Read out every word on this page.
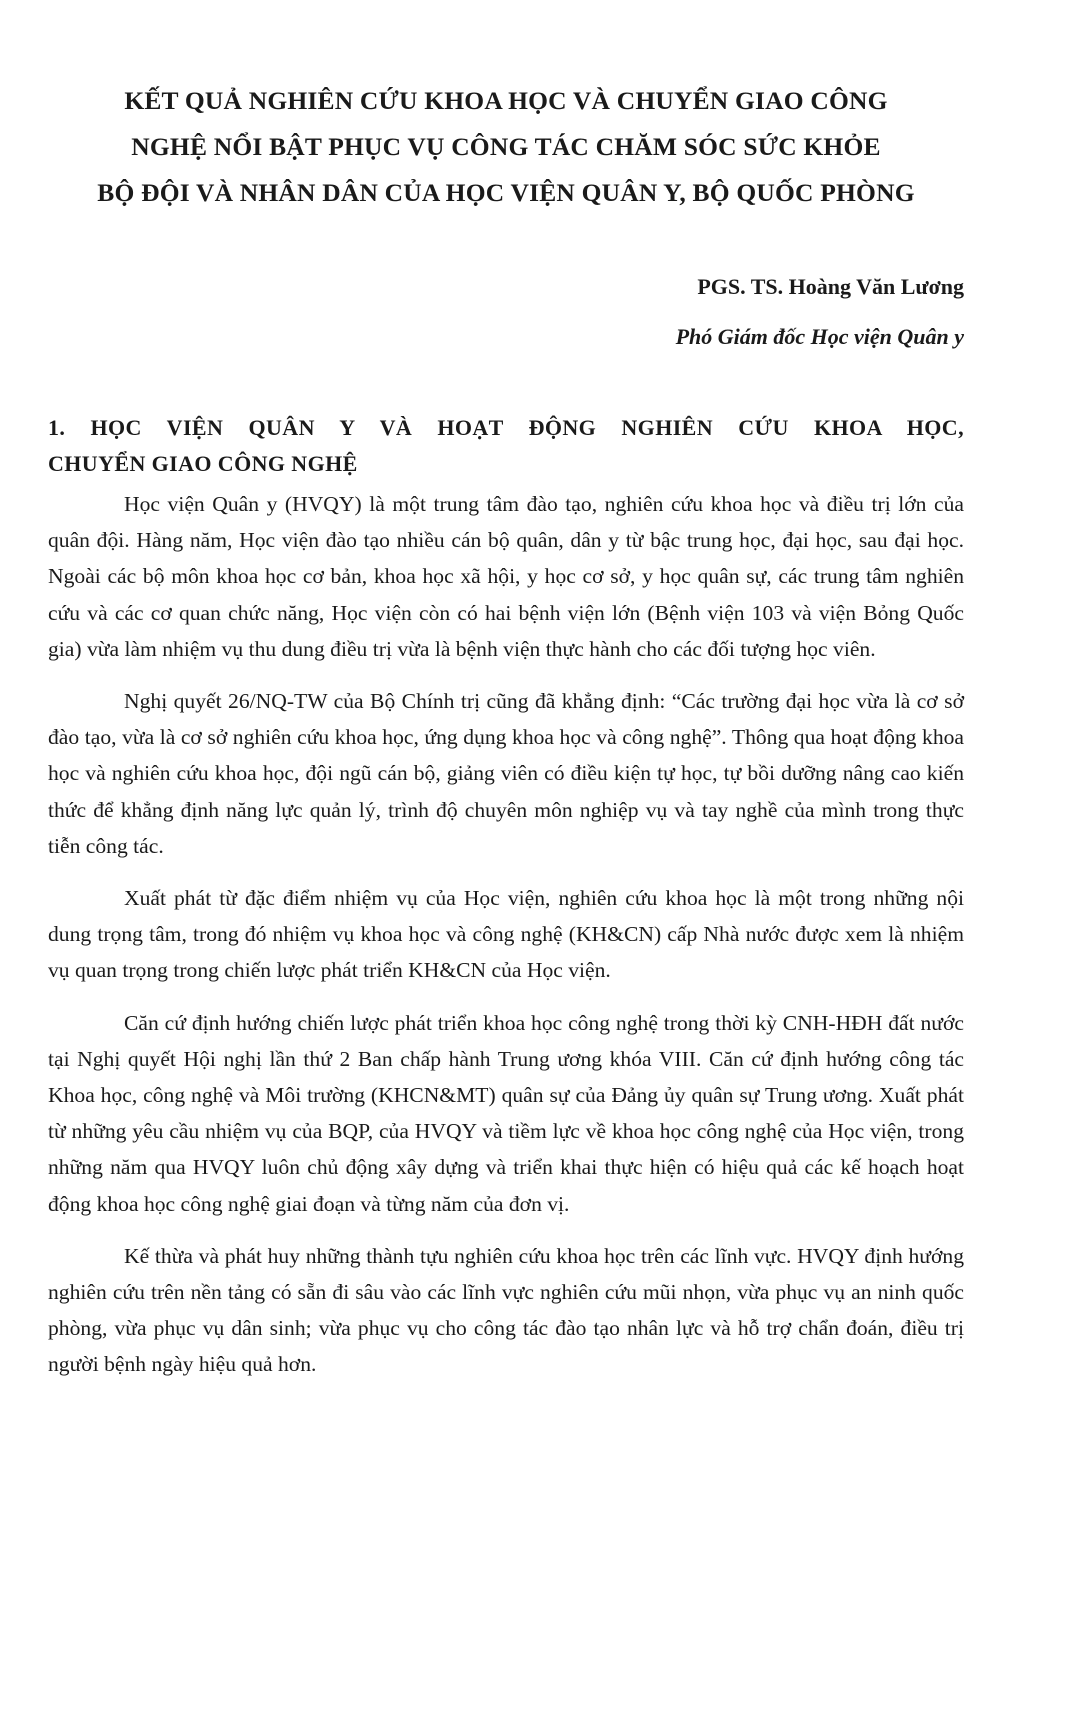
KẾT QUẢ NGHIÊN CỨU KHOA HỌC VÀ CHUYỂN GIAO CÔNG
NGHỆ NỔI BẬT PHỤC VỤ CÔNG TÁC CHĂM SÓC SỨC KHỎE
BỘ ĐỘI VÀ NHÂN DÂN CỦA HỌC VIỆN QUÂN Y, BỘ QUỐC PHÒNG
PGS. TS. Hoàng Văn Lương
Phó Giám đốc Học viện Quân y
1. HỌC VIỆN QUÂN Y VÀ HOẠT ĐỘNG NGHIÊN CỨU KHOA HỌC,
CHUYỂN GIAO CÔNG NGHỆ

Học viện Quân y (HVQY) là một trung tâm đào tạo, nghiên cứu khoa học và điều trị lớn của quân đội. Hàng năm, Học viện đào tạo nhiều cán bộ quân, dân y từ bậc trung học, đại học, sau đại học. Ngoài các bộ môn khoa học cơ bản, khoa học xã hội, y học cơ sở, y học quân sự, các trung tâm nghiên cứu và các cơ quan chức năng, Học viện còn có hai bệnh viện lớn (Bệnh viện 103 và viện Bỏng Quốc gia) vừa làm nhiệm vụ thu dung điều trị vừa là bệnh viện thực hành cho các đối tượng học viên.

Nghị quyết 26/NQ-TW của Bộ Chính trị cũng đã khẳng định: “Các trường đại học vừa là cơ sở đào tạo, vừa là cơ sở nghiên cứu khoa học, ứng dụng khoa học và công nghệ”. Thông qua hoạt động khoa học và nghiên cứu khoa học, đội ngũ cán bộ, giảng viên có điều kiện tự học, tự bồi dưỡng nâng cao kiến thức để khẳng định năng lực quản lý, trình độ chuyên môn nghiệp vụ và tay nghề của mình trong thực tiễn công tác.

Xuất phát từ đặc điểm nhiệm vụ của Học viện, nghiên cứu khoa học là một trong những nội dung trọng tâm, trong đó nhiệm vụ khoa học và công nghệ (KH&CN) cấp Nhà nước được xem là nhiệm vụ quan trọng trong chiến lược phát triển KH&CN của Học viện.

Căn cứ định hướng chiến lược phát triển khoa học công nghệ trong thời kỳ CNH-HĐH đất nước tại Nghị quyết Hội nghị lần thứ 2 Ban chấp hành Trung ương khóa VIII. Căn cứ định hướng công tác Khoa học, công nghệ và Môi trường (KHCN&MT) quân sự của Đảng ủy quân sự Trung ương. Xuất phát từ những yêu cầu nhiệm vụ của BQP, của HVQY và tiềm lực về khoa học công nghệ của Học viện, trong những năm qua HVQY luôn chủ động xây dựng và triển khai thực hiện có hiệu quả các kế hoạch hoạt động khoa học công nghệ giai đoạn và từng năm của đơn vị.

Kế thừa và phát huy những thành tựu nghiên cứu khoa học trên các lĩnh vực. HVQY định hướng nghiên cứu trên nền tảng có sẵn đi sâu vào các lĩnh vực nghiên cứu mũi nhọn, vừa phục vụ an ninh quốc phòng, vừa phục vụ dân sinh; vừa phục vụ cho công tác đào tạo nhân lực và hỗ trợ chẩn đoán, điều trị người bệnh ngày hiệu quả hơn.
